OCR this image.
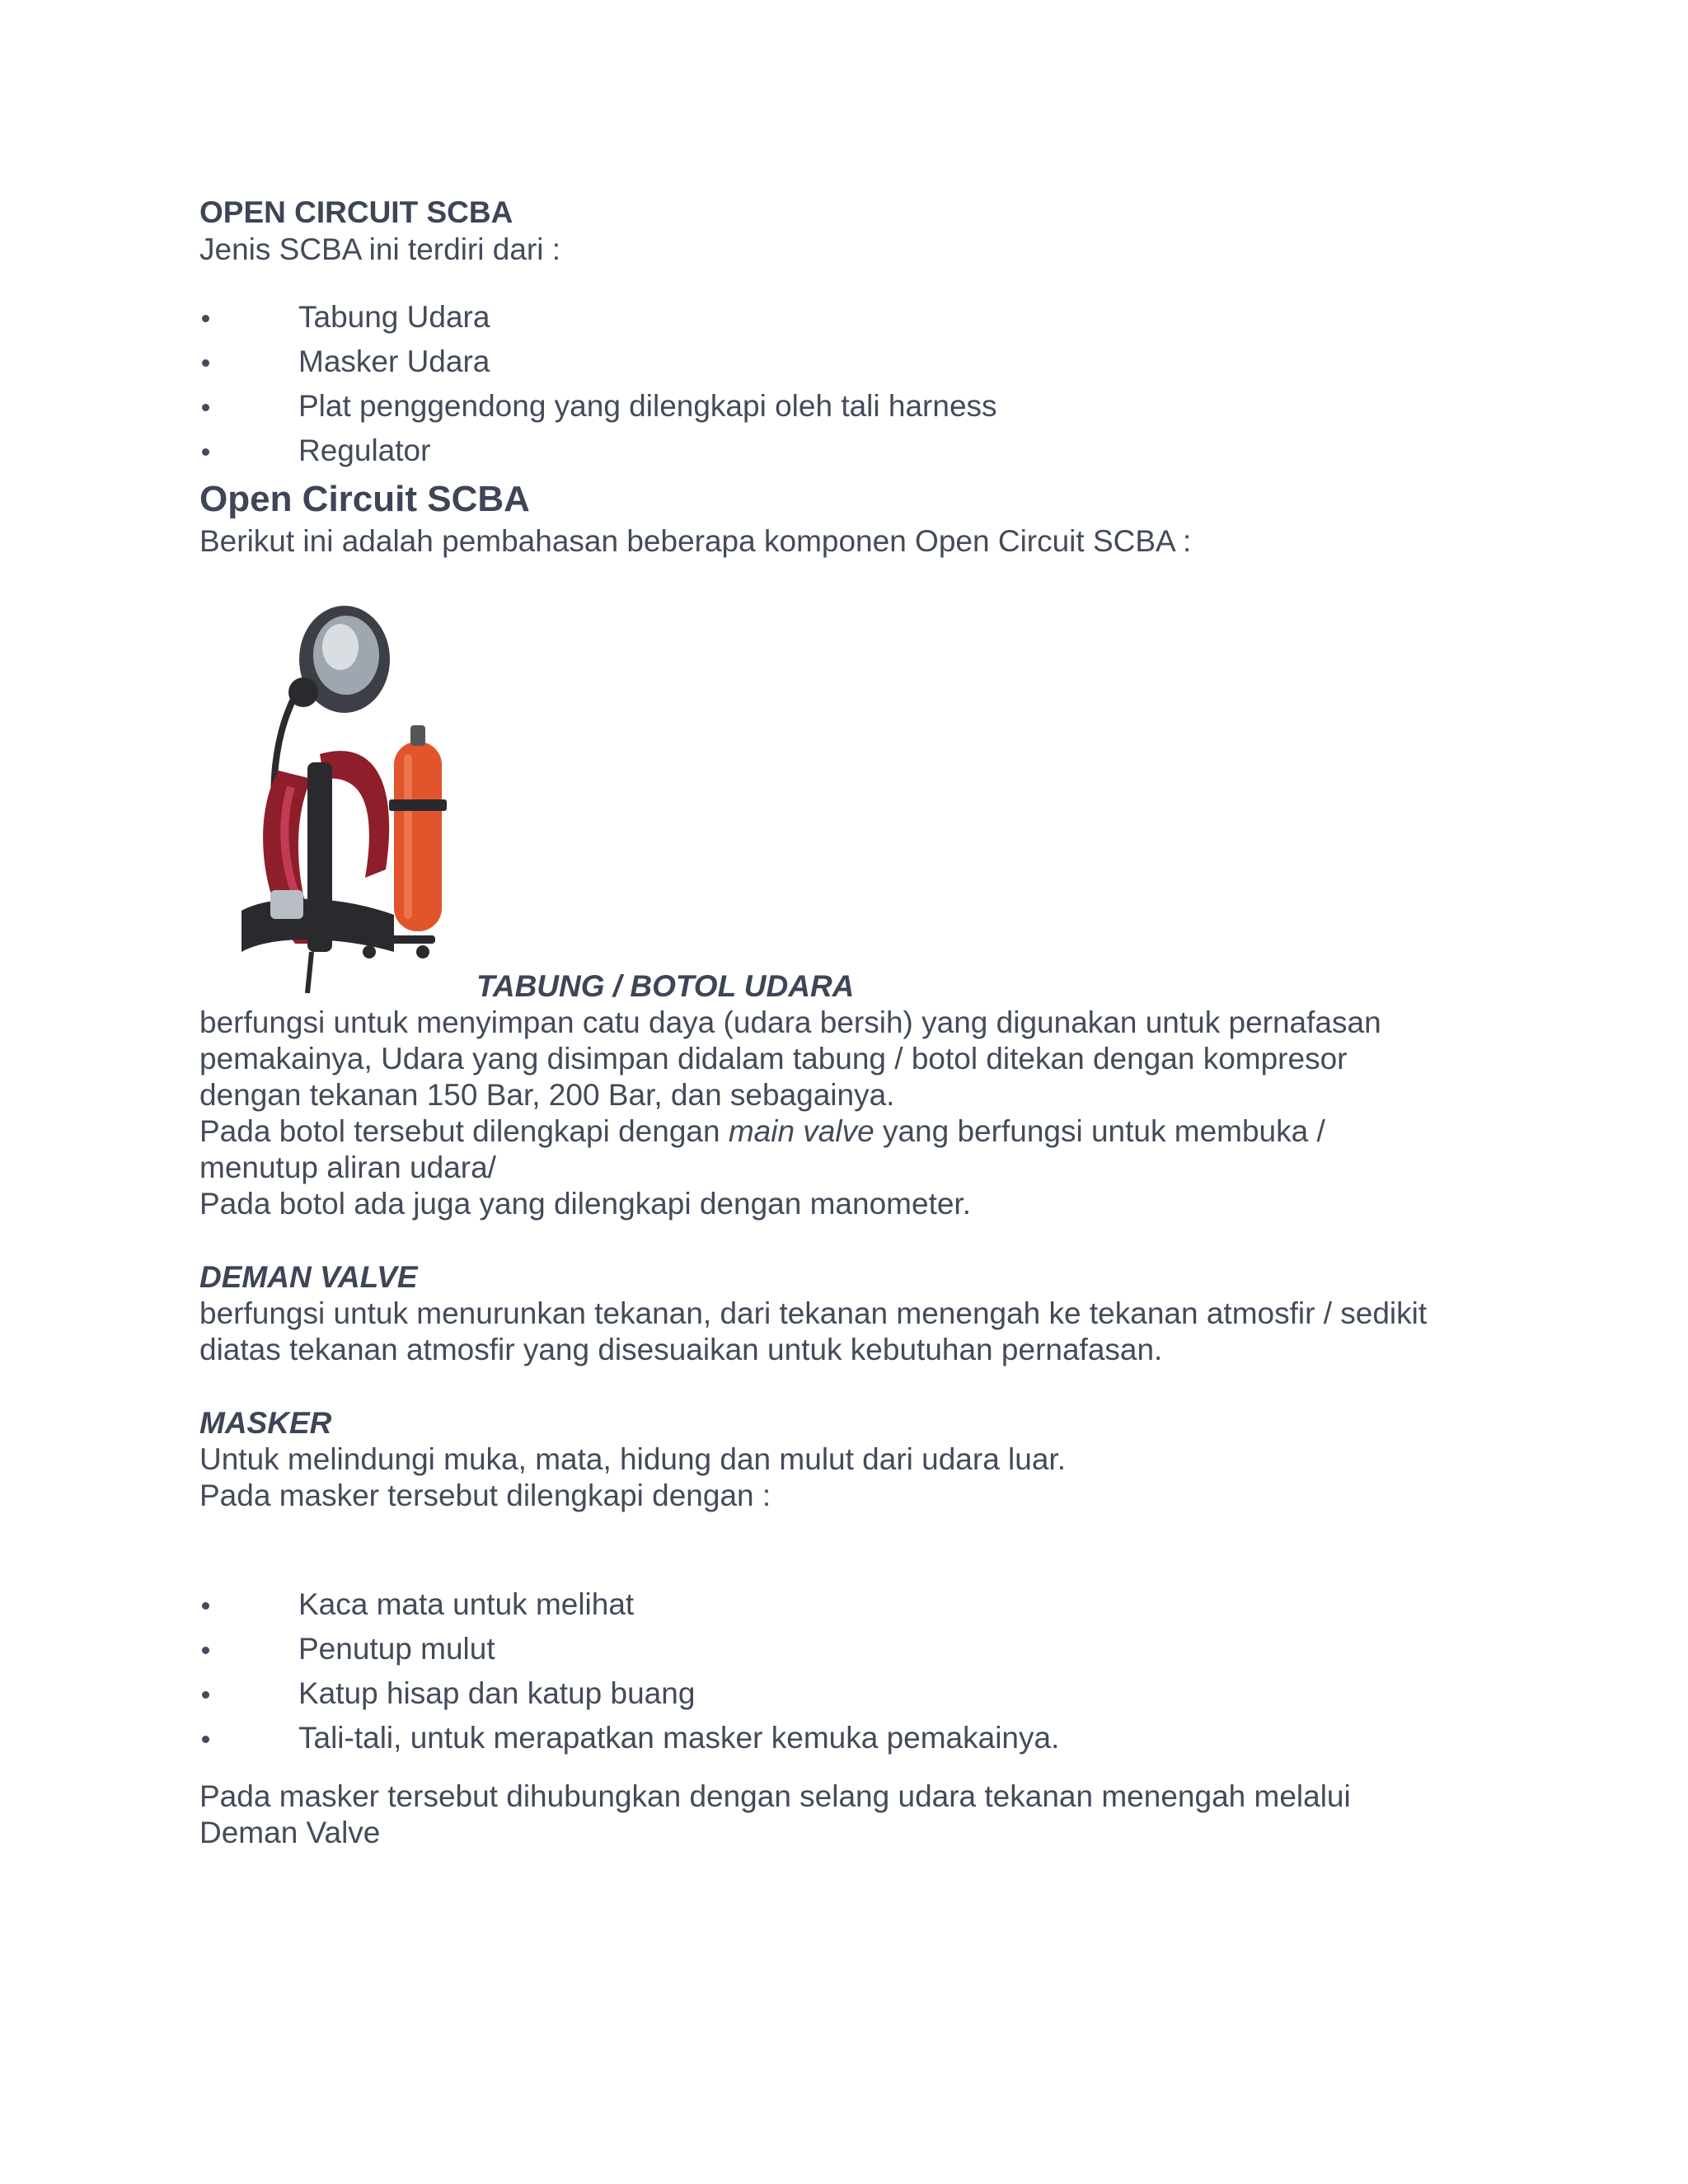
OPEN CIRCUIT SCBA

Jenis SCBA ini terdiri dari :

Tabung Udara
Masker Udara
Plat penggendong yang dilengkapi oleh tali harness
Regulator

Open Circuit SCBA

Berikut ini adalah pembahasan beberapa komponen Open Circuit SCBA :

TABUNG / BOTOL UDARA

berfungsi untuk menyimpan catu daya (udara bersih) yang digunakan untuk pernafasan

pemakainya, Udara yang disimpan didalam tabung / botol ditekan dengan kompresor

dengan tekanan 150 Bar, 200 Bar, dan sebagainya.

Pada botol tersebut dilengkapi dengan main valve yang berfungsi untuk membuka /

menutup aliran udara/

Pada botol ada juga yang dilengkapi dengan manometer.

DEMAN VALVE

berfungsi untuk menurunkan tekanan, dari tekanan menengah ke tekanan atmosfir / sedikit

diatas tekanan atmosfir yang disesuaikan untuk kebutuhan pernafasan.

MASKER

Untuk melindungi muka, mata, hidung dan mulut dari udara luar.

Pada masker tersebut dilengkapi dengan :

Kaca mata untuk melihat
Penutup mulut
Katup hisap dan katup buang
Tali-tali, untuk merapatkan masker kemuka pemakainya.

Pada masker tersebut dihubungkan dengan selang udara tekanan menengah melalui

Deman Valve
